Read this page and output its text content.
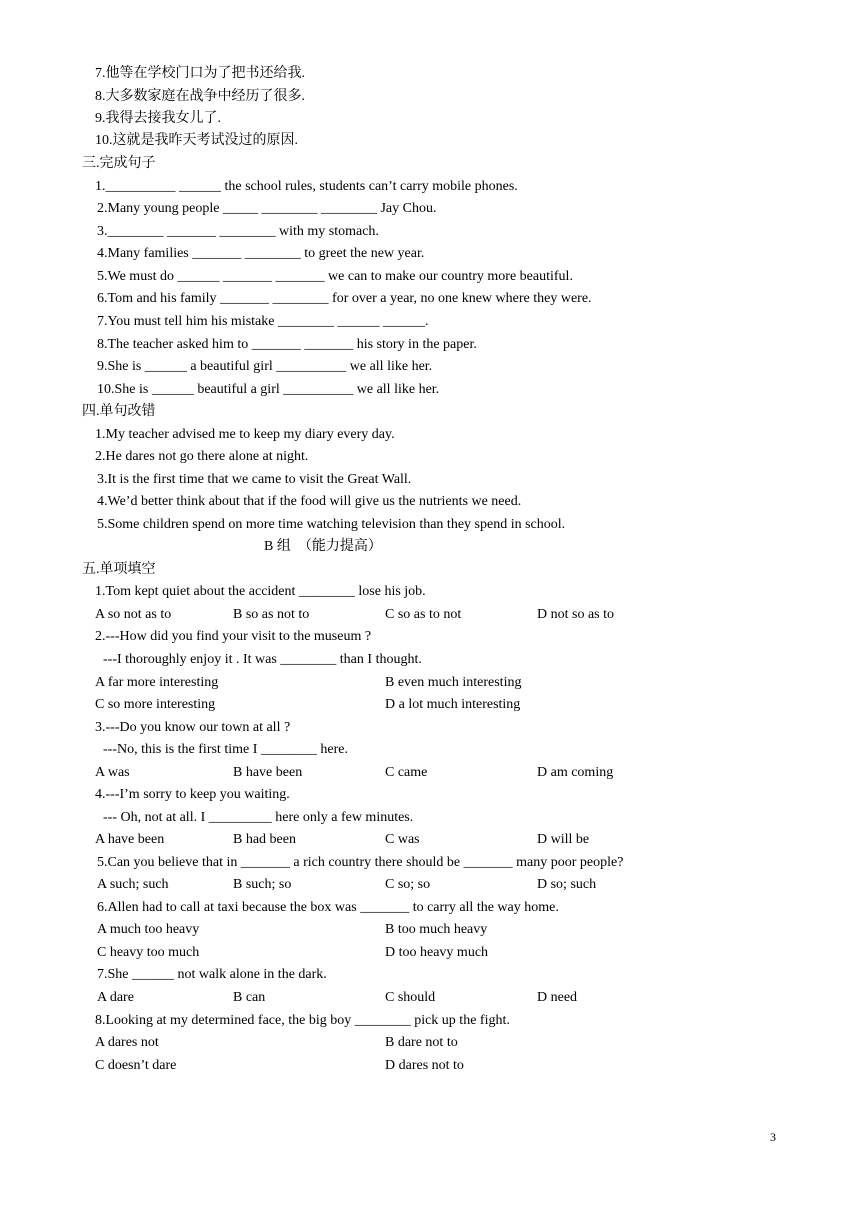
7.他等在学校门口为了把书还给我.
8.大多数家庭在战争中经历了很多.
9.我得去接我女儿了.
10.这就是我昨天考试没过的原因.
三.完成句子
1.__________ ______ the school rules, students can’t carry mobile phones.
2.Many young people _____ ________ ________ Jay Chou.
3.________ _______ ________ with my stomach.
4.Many families _______ ________ to greet the new year.
5.We must do ______ _______ _______ we can to make our country more beautiful.
6.Tom and his family _______ ________ for over a year, no one knew where they were.
7.You must tell him his mistake ________ ______ ______.
8.The teacher asked him to _______ _______ his story in the paper.
9.She is ______ a beautiful girl __________ we all like her.
10.She is ______ beautiful a girl __________ we all like her.
四.单句改错
1.My teacher advised me to keep my diary every day.
2.He dares not go there alone at night.
3.It is the first time that we came to visit the Great Wall.
4.We’d better think about that if the food will give us the nutrients we need.
5.Some children spend on more time watching television than they spend in school.
B 组　（能力提高）
五.单项填空
1.Tom kept quiet about the accident ________ lose his job.
A so not as to	B so as not to	C so as to not	D not so as to
2.---How did you find your visit to the museum ?
---I thoroughly enjoy it . It was ________ than I thought.
A far more interesting	B even much interesting
C so more interesting	D a lot much interesting
3.---Do you know our town at all ?
---No, this is the first time I ________ here.
A was	B have been	C came	D am coming
4.---I’m sorry to keep you waiting.
--- Oh, not at all. I _________ here only a few minutes.
A have been	B had been	C was	D will be
5.Can you believe that in _______ a rich country there should be _______ many poor people?
A such; such	B such; so	C so; so	D so; such
6.Allen had to call at taxi because the box was _______ to carry all the way home.
A much too heavy	B too much heavy
C heavy too much	D too heavy much
7.She ______ not walk alone in the dark.
A dare	B can	C should	D need
8.Looking at my determined face, the big boy ________ pick up the fight.
A dares not	B dare not to
C doesn’t dare	D dares not to
3
